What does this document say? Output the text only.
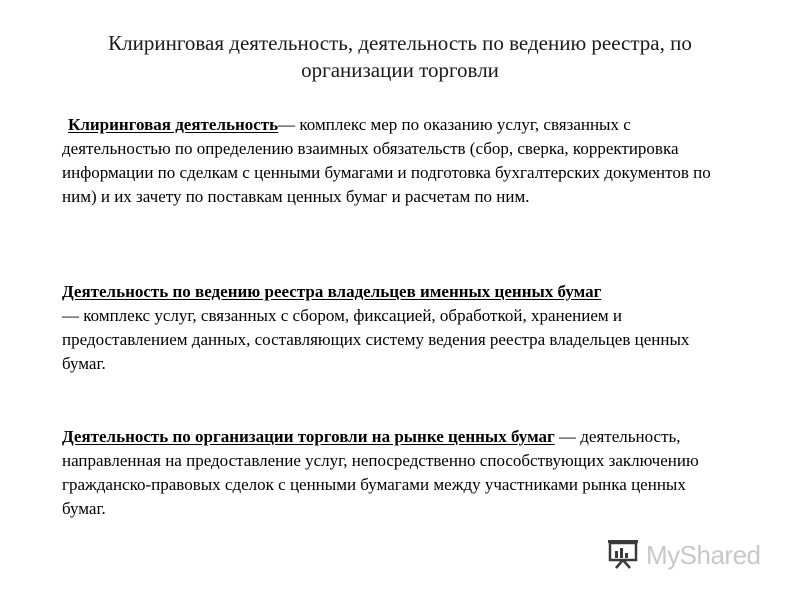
Клиринговая деятельность, деятельность по ведению реестра, по организации торговли
Клиринговая деятельность— комплекс мер по оказанию услуг, связанных с деятельностью по определению взаимных обязательств (сбор, сверка, корректировка информации по сделкам с ценными бумагами и подготовка бухгалтерских документов по ним) и их зачету по поставкам ценных бумаг и расчетам по ним.
Деятельность по ведению реестра владельцев именных ценных бумаг
— комплекс услуг, связанных с сбором, фиксацией, обработкой, хранением и предоставлением данных, составляющих систему ведения реестра владельцев ценных бумаг.
Деятельность по организации торговли на рынке ценных бумаг — деятельность, направленная на предоставление услуг, непосредственно способствующих заключению гражданско-правовых сделок с ценными бумагами между участниками рынка ценных бумаг.
MyShared
